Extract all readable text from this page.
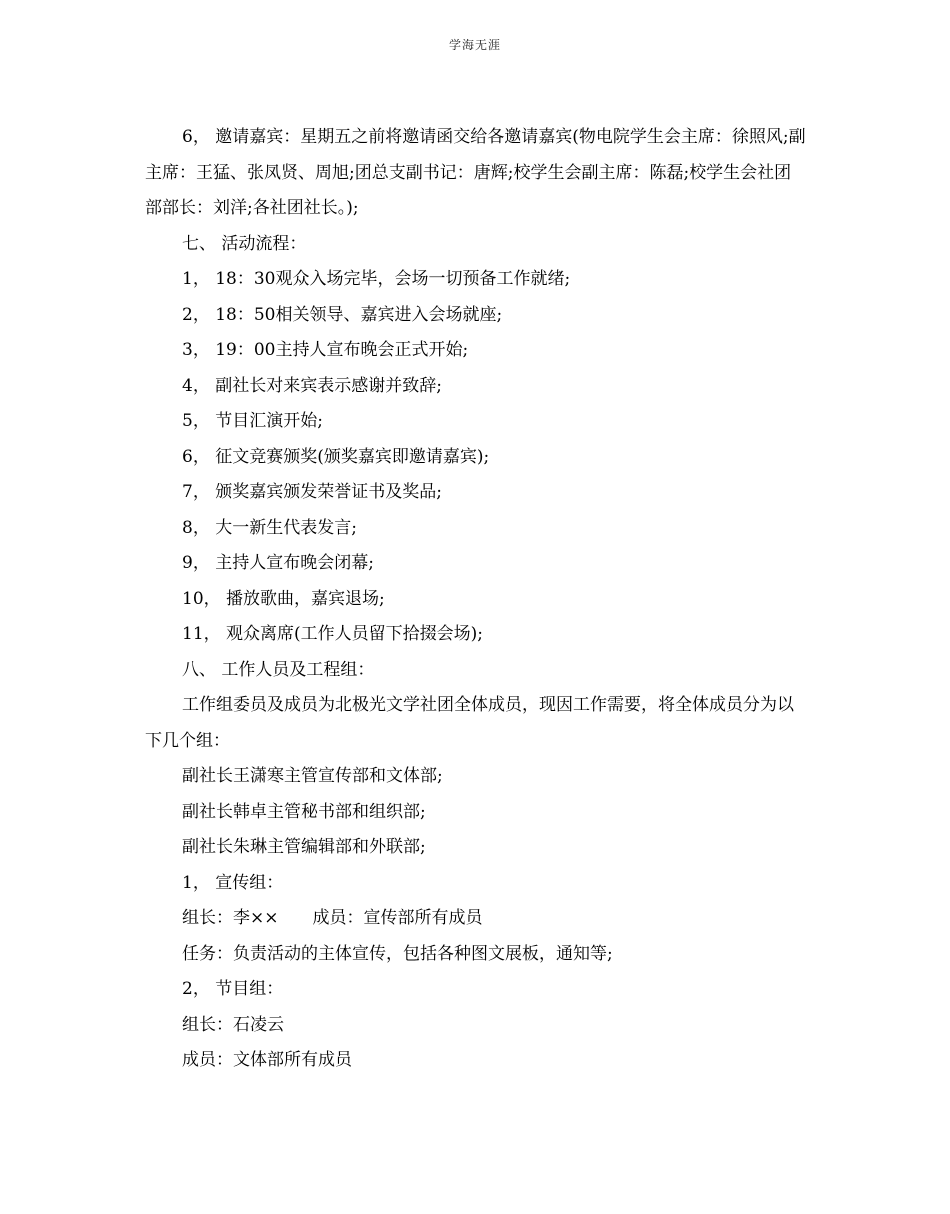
学海无涯

6， 邀请嘉宾：星期五之前将邀请函交给各邀请嘉宾(物电院学生会主席：徐照风;副主席：王猛、张凤贤、周旭;团总支副书记：唐辉;校学生会副主席：陈磊;校学生会社团部部长：刘洋;各社团社长。);

七、 活动流程：

1， 18：30观众入场完毕，会场一切预备工作就绪;

2， 18：50相关领导、嘉宾进入会场就座;

3， 19：00主持人宣布晚会正式开始;

4， 副社长对来宾表示感谢并致辞;

5， 节目汇演开始;

6， 征文竞赛颁奖(颁奖嘉宾即邀请嘉宾);

7， 颁奖嘉宾颁发荣誉证书及奖品;

8， 大一新生代表发言;

9， 主持人宣布晚会闭幕;

10， 播放歌曲，嘉宾退场;

11， 观众离席(工作人员留下拾掇会场);

八、 工作人员及工程组：

工作组委员及成员为北极光文学社团全体成员，现因工作需要，将全体成员分为以下几个组：

副社长王潇寒主管宣传部和文体部;

副社长韩卓主管秘书部和组织部;

副社长朱琳主管编辑部和外联部;

1， 宣传组：

组长：李××　　成员：宣传部所有成员

任务：负责活动的主体宣传，包括各种图文展板，通知等;

2， 节目组：

组长：石凌云

成员：文体部所有成员
